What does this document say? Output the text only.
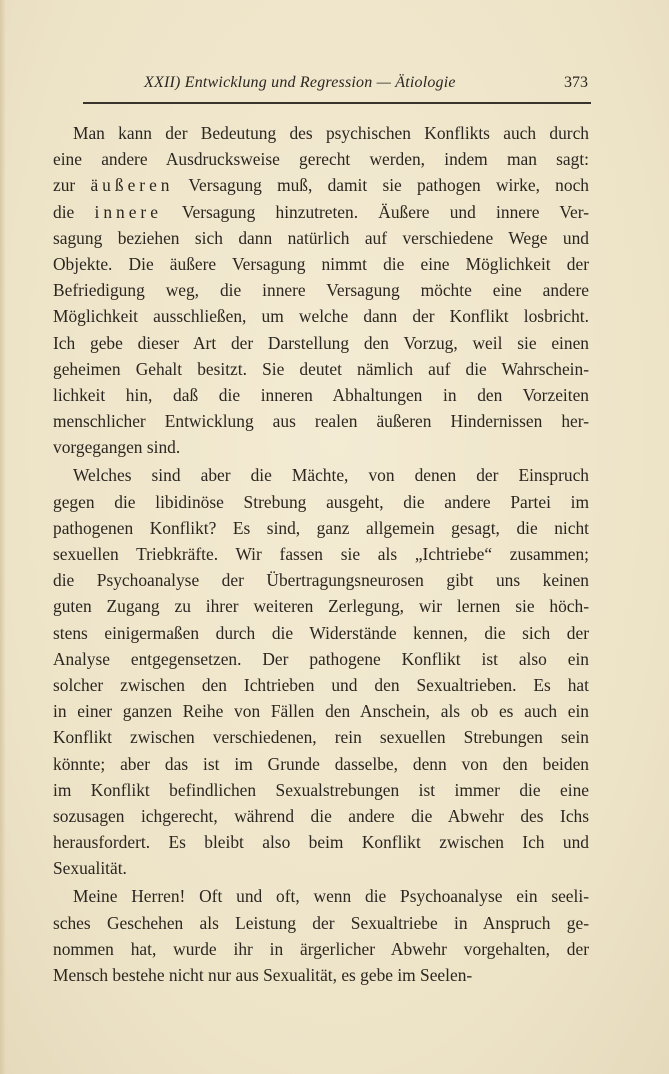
XXII) Entwicklung und Regression — Ätiologie	373
Man kann der Bedeutung des psychischen Konflikts auch durch
eine andere Ausdrucksweise gerecht werden, indem man sagt:
zur äußeren Versagung muß, damit sie pathogen wirke, noch
die innere Versagung hinzutreten. Äußere und innere Ver-
sagung beziehen sich dann natürlich auf verschiedene Wege und
Objekte. Die äußere Versagung nimmt die eine Möglichkeit der
Befriedigung weg, die innere Versagung möchte eine andere
Möglichkeit ausschließen, um welche dann der Konflikt losbricht.
Ich gebe dieser Art der Darstellung den Vorzug, weil sie einen
geheimen Gehalt besitzt. Sie deutet nämlich auf die Wahrschein-
lichkeit hin, daß die inneren Abhaltungen in den Vorzeiten
menschlicher Entwicklung aus realen äußeren Hindernissen her-
vorgegangen sind.
Welches sind aber die Mächte, von denen der Einspruch
gegen die libidinöse Strebung ausgeht, die andere Partei im
pathogenen Konflikt? Es sind, ganz allgemein gesagt, die nicht
sexuellen Triebkräfte. Wir fassen sie als „Ichtriebe“ zusammen;
die Psychoanalyse der Übertragungsneurosen gibt uns keinen
guten Zugang zu ihrer weiteren Zerlegung, wir lernen sie höch-
stens einigermaßen durch die Widerstände kennen, die sich der
Analyse entgegensetzen. Der pathogene Konflikt ist also ein
solcher zwischen den Ichtrieben und den Sexualtrieben. Es hat
in einer ganzen Reihe von Fällen den Anschein, als ob es auch ein
Konflikt zwischen verschiedenen, rein sexuellen Strebungen sein
könnte; aber das ist im Grunde dasselbe, denn von den beiden
im Konflikt befindlichen Sexualstrebungen ist immer die eine
sozusagen ichgerecht, während die andere die Abwehr des Ichs
herausfordert. Es bleibt also beim Konflikt zwischen Ich und
Sexualität.
Meine Herren! Oft und oft, wenn die Psychoanalyse ein seeli-
sches Geschehen als Leistung der Sexualtriebe in Anspruch ge-
nommen hat, wurde ihr in ärgerlicher Abwehr vorgehalten, der
Mensch bestehe nicht nur aus Sexualität, es gebe im Seelen-
